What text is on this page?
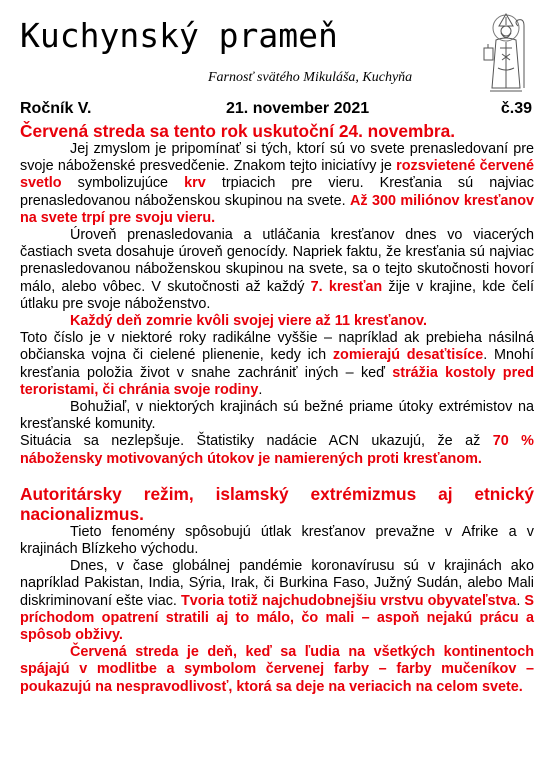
Kuchynský prameň
Farnosť svätého Mikuláša, Kuchyňa
Ročník V.	21. november 2021	č.39
Červená streda sa tento rok uskutoční 24. novembra.

Jej zmyslom je pripomínať si tých, ktorí sú vo svete prenasledovaní pre svoje náboženské presvedčenie. Znakom tejto iniciatívy je rozsvietené červené svetlo symbolizujúce krv trpiacich pre vieru. Kresťania sú najviac prenasledovanou náboženskou skupinou na svete. Až 300 miliónov kresťanov na svete trpí pre svoju vieru.

Úroveň prenasledovania a utláčania kresťanov dnes vo viacerých častiach sveta dosahuje úroveň genocídy. Napriek faktu, že kresťania sú najviac prenasledovanou náboženskou skupinou na svete, sa o tejto skutočnosti hovorí málo, alebo vôbec. V skutočnosti až každý 7. kresťan žije v krajine, kde čelí útlaku pre svoje náboženstvo.

Každý deň zomrie kvôli svojej viere až 11 kresťanov.

Toto číslo je v niektoré roky radikálne vyššie – napríklad ak prebieha násilná občianska vojna či cielené plienenie, kedy ich zomierajú desaťtisíce. Mnohí kresťania položia život v snahe zachrániť iných – keď strážia kostoly pred teroristami, či chránia svoje rodiny.

Bohužiaľ, v niektorých krajinách sú bežné priame útoky extrémistov na kresťanské komunity.

Situácia sa nezlepšuje. Štatistiky nadácie ACN ukazujú, že až 70 % nábožensky motivovaných útokov je namierených proti kresťanom.

Autoritársky režim, islamský extrémizmus aj etnický nacionalizmus.

Tieto fenomény spôsobujú útlak kresťanov prevažne v Afrike a v krajinách Blízkeho východu.

Dnes, v čase globálnej pandémie koronavírusu sú v krajinách ako napríklad Pakistan, India, Sýria, Irak, či Burkina Faso, Južný Sudán, alebo Mali diskriminovaní ešte viac. Tvoria totiž najchudobnejšiu vrstvu obyvateľstva. S príchodom opatrení stratili aj to málo, čo mali – aspoň nejakú prácu a spôsob obživy.

Červená streda je deň, keď sa ľudia na všetkých kontinentoch spájajú v modlitbe a symbolom červenej farby – farby mučeníkov – poukazujú na nespravodlivosť, ktorá sa deje na veriacich na celom svete.
